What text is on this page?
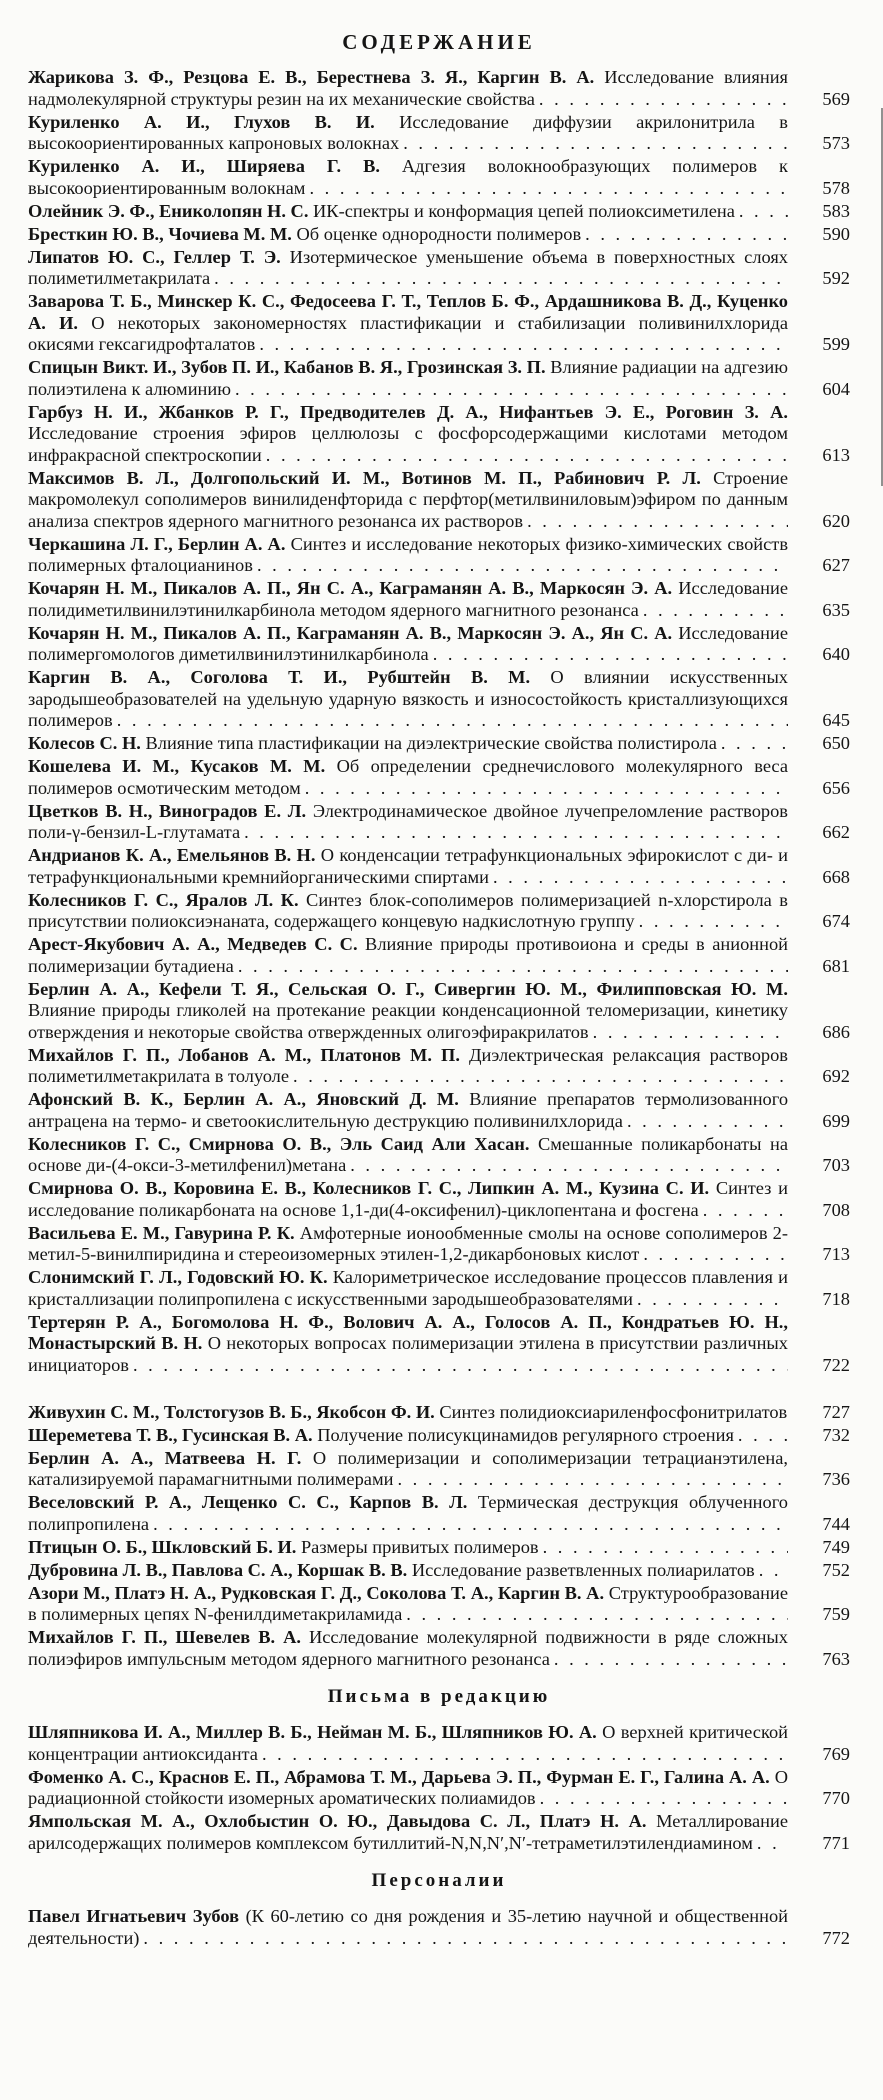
СОДЕРЖАНИЕ
Жарикова З. Ф., Резцова Е. В., Берестнева З. Я., Каргин В. А. Исследование влияния надмолекулярной структуры резин на их механические свойства . . .	569
Куриленко А. И., Глухов В. И. Исследование диффузии акрилонитрила в высокоориентированных капроновых волокнах . . .	573
Куриленко А. И., Ширяева Г. В. Адгезия волокнообразующих полимеров к высокоориентированным волокнам . . .	578
Олейник Э. Ф., Ениколопян Н. С. ИК-спектры и конформация цепей полиоксиметилена . . .	583
Бресткин Ю. В., Чочиева М. М. Об оценке однородности полимеров . . .	590
Липатов Ю. С., Геллер Т. Э. Изотермическое уменьшение объема в поверхностных слоях полиметилметакрилата . . .	592
Заварова Т. Б., Минскер К. С., Федосеева Г. Т., Теплов Б. Ф., Ардашникова В. Д., Куценко А. И. О некоторых закономерностях пластификации и стабилизации поливинилхлорида окисями гексагидрофталатов . . .	599
Спицын Викт. И., Зубов П. И., Кабанов В. Я., Грозинская З. П. Влияние радиации на адгезию полиэтилена к алюминию . . .	604
Гарбуз Н. И., Жбанков Р. Г., Предводителев Д. А., Нифантьев Э. Е., Роговин З. А. Исследование строения эфиров целлюлозы с фосфорсодержащими кислотами методом инфракрасной спектроскопии . . .	613
Максимов В. Л., Долгопольский И. М., Вотинов М. П., Рабинович Р. Л. Строение макромолекул сополимеров винилиденфторида с перфтор(метилвиниловым)эфиром по данным анализа спектров ядерного магнитного резонанса их растворов . . .	620
Черкашина Л. Г., Берлин А. А. Синтез и исследование некоторых физико-химических свойств полимерных фталоцианинов . . .	627
Кочарян Н. М., Пикалов А. П., Ян С. А., Каграманян А. В., Маркосян Э. А. Исследование полидиметилвинилэтинилкарбинола методом ядерного магнитного резонанса . . .	635
Кочарян Н. М., Пикалов А. П., Каграманян А. В., Маркосян Э. А., Ян С. А. Исследование полимергомологов диметилвинилэтинилкарбинола . . .	640
Каргин В. А., Соголова Т. И., Рубштейн В. М. О влиянии искусственных зародышеобразователей на удельную ударную вязкость и износостойкость кристаллизующихся полимеров . . .	645
Колесов С. Н. Влияние типа пластификации на диэлектрические свойства полистирола . . .	650
Кошелева И. М., Кусаков М. М. Об определении среднечислового молекулярного веса полимеров осмотическим методом . . .	656
Цветков В. Н., Виноградов Е. Л. Электродинамическое двойное лучепреломление растворов поли-γ-бензил-L-глутамата . . .	662
Андрианов К. А., Емельянов В. Н. О конденсации тетрафункциональных эфирокислот с ди- и тетрафункциональными кремнийорганическими спиртами . . .	668
Колесников Г. С., Яралов Л. К. Синтез блок-сополимеров полимеризацией n-хлорстирола в присутствии полиоксиэнаната, содержащего концевую надкислотную группу . . .	674
Арест-Якубович А. А., Медведев С. С. Влияние природы противоиона и среды в анионной полимеризации бутадиена . . .	681
Берлин А. А., Кефели Т. Я., Сельская О. Г., Сивергин Ю. М., Филипповская Ю. М. Влияние природы гликолей на протекание реакции конденсационной теломеризации, кинетику отверждения и некоторые свойства отвержденных олигоэфиракрилатов . . .	686
Михайлов Г. П., Лобанов А. М., Платонов М. П. Диэлектрическая релаксация растворов полиметилметакрилата в толуоле . . .	692
Афонский В. К., Берлин А. А., Яновский Д. М. Влияние препаратов термолизованного антрацена на термо- и светоокислительную деструкцию поливинилхлорида . . .	699
Колесников Г. С., Смирнова О. В., Эль Саид Али Хасан. Смешанные поликарбонаты на основе ди-(4-окси-3-метилфенил)метана . . .	703
Смирнова О. В., Коровина Е. В., Колесников Г. С., Липкин А. М., Кузина С. И. Синтез и исследование поликарбоната на основе 1,1-ди(4-оксифенил)-циклопентана и фосгена . . .	708
Васильева Е. М., Гавурина Р. К. Амфотерные ионообменные смолы на основе сополимеров 2-метил-5-винилпиридина и стереоизомерных этилен-1,2-дикарбоновых кислот . . .	713
Слонимский Г. Л., Годовский Ю. К. Калориметрическое исследование процессов плавления и кристаллизации полипропилена с искусственными зародышеобразователями . . .	718
Тертерян Р. А., Богомолова Н. Ф., Волович А. А., Голосов А. П., Кондратьев Ю. Н., Монастырский В. Н. О некоторых вопросах полимеризации этилена в присутствии различных инициаторов . . .	722
Живухин С. М., Толстогузов В. Б., Якобсон Ф. И. Синтез полидиоксиариленфосфонитрилатов . . .	727
Шереметева Т. В., Гусинская В. А. Получение полисукцинамидов регулярного строения . . .	732
Берлин А. А., Матвеева Н. Г. О полимеризации и сополимеризации тетрацианэтилена, катализируемой парамагнитными полимерами . . .	736
Веселовский Р. А., Лещенко С. С., Карпов В. Л. Термическая деструкция облученного полипропилена . . .	744
Птицын О. Б., Шкловский Б. И. Размеры привитых полимеров . . .	749
Дубровина Л. В., Павлова С. А., Коршак В. В. Исследование разветвленных полиарилатов . . .	752
Азори М., Платэ Н. А., Рудковская Г. Д., Соколова Т. А., Каргин В. А. Структурообразование в полимерных цепях N-фенилдиметакриламида . . .	759
Михайлов Г. П., Шевелев В. А. Исследование молекулярной подвижности в ряде сложных полиэфиров импульсным методом ядерного магнитного резонанса . . .	763
Письма в редакцию
Шляпникова И. А., Миллер В. Б., Нейман М. Б., Шляпников Ю. А. О верхней критической концентрации антиоксиданта . . .	769
Фоменко А. С., Краснов Е. П., Абрамова Т. М., Дарьева Э. П., Фурман Е. Г., Галина А. А. О радиационной стойкости изомерных ароматических полиамидов . . .	770
Ямпольская М. А., Охлобыстин О. Ю., Давыдова С. Л., Платэ Н. А. Металлирование арилсодержащих полимеров комплексом бутиллитий-N,N,N′,N′-тетраметилэтилендиамином . . .	771
Персоналии
Павел Игнатьевич Зубов (К 60-летию со дня рождения и 35-летию научной и общественной деятельности) . . .	772
